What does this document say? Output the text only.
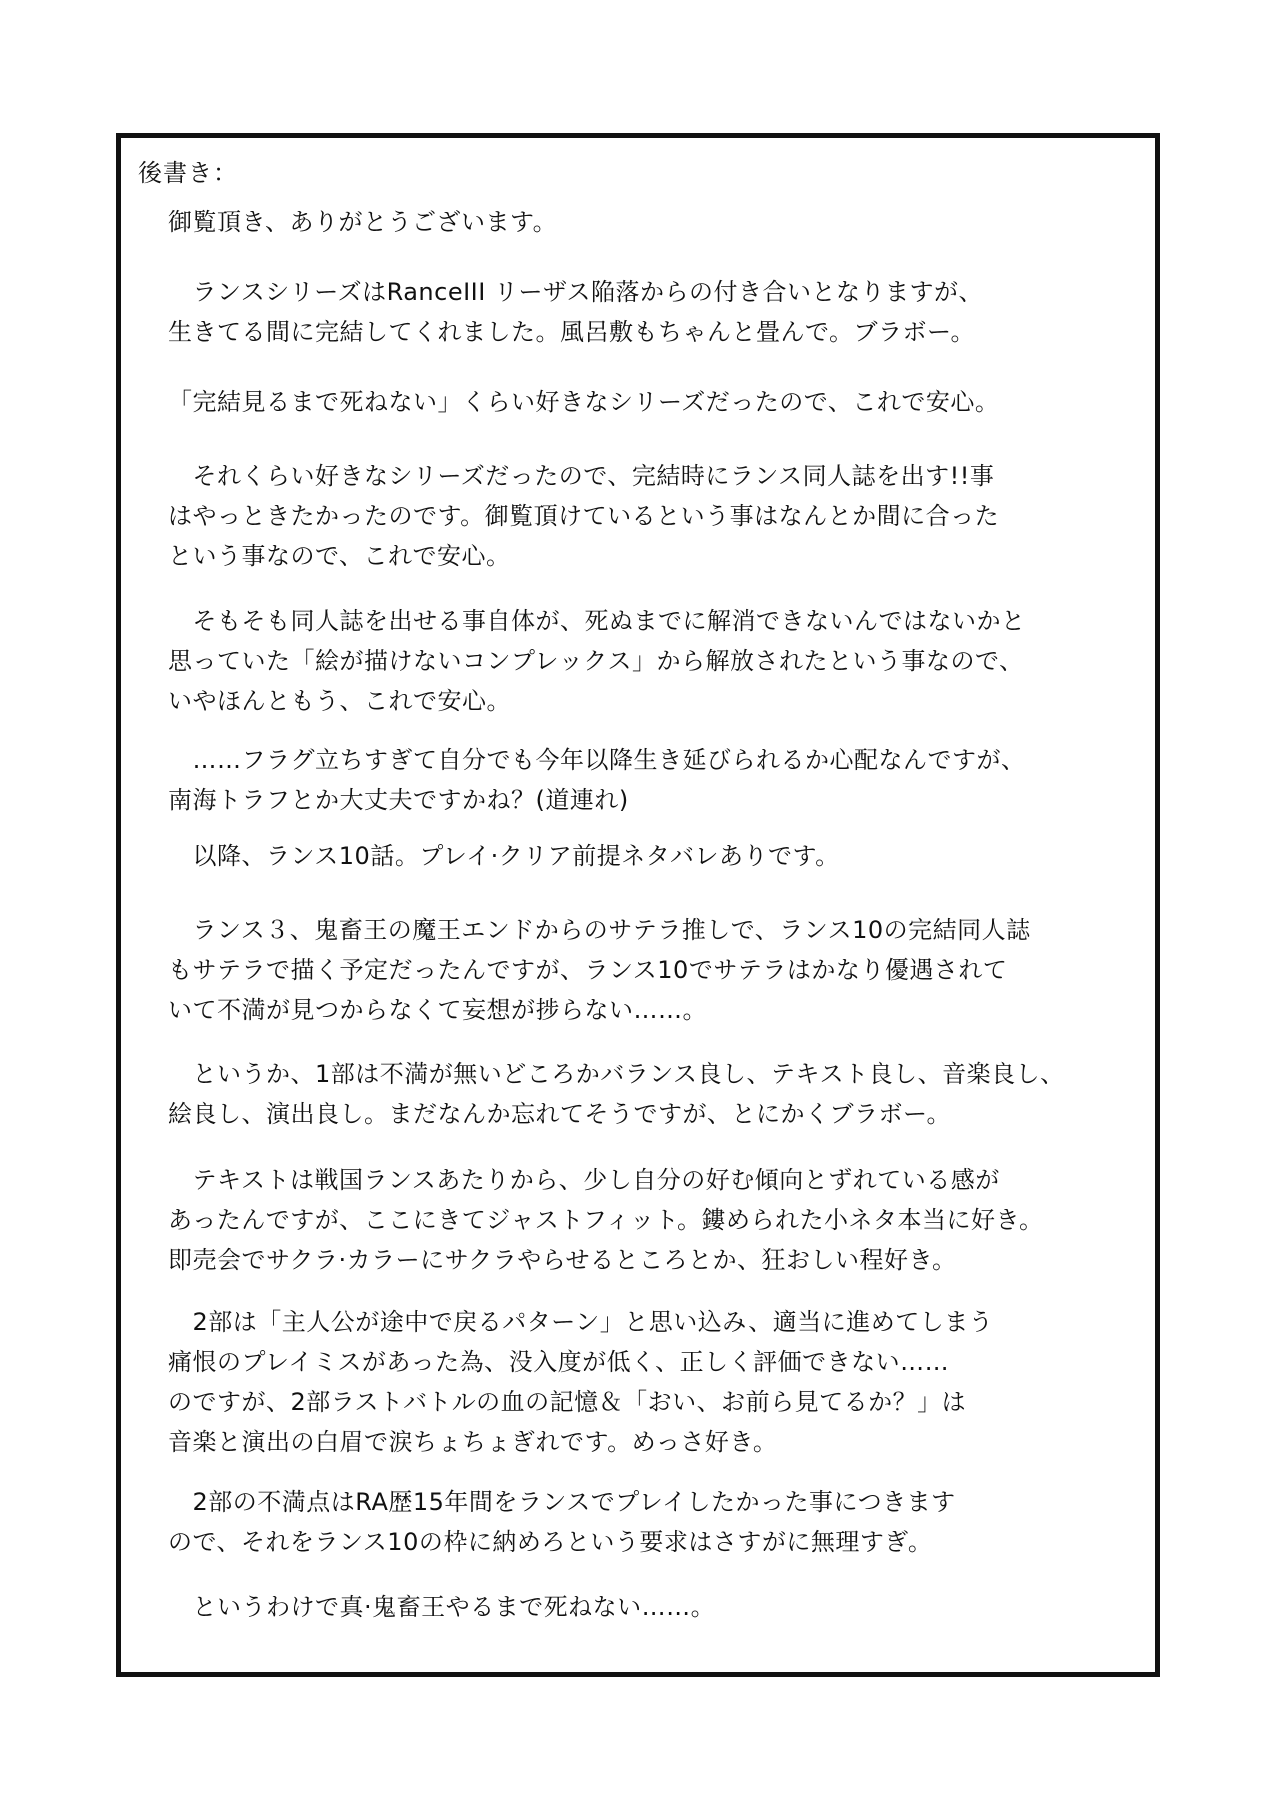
後書き：

御覧頂き、ありがとうございます。

　ランスシリーズはRanceIII リーザス陥落からの付き合いとなりますが、
生きてる間に完結してくれました。風呂敷もちゃんと畳んで。ブラボー。

「完結見るまで死ねない」くらい好きなシリーズだったので、これで安心。

　それくらい好きなシリーズだったので、完結時にランス同人誌を出す!!事
はやっときたかったのです。御覧頂けているという事はなんとか間に合った
という事なので、これで安心。

　そもそも同人誌を出せる事自体が、死ぬまでに解消できないんではないかと
思っていた「絵が描けないコンプレックス」から解放されたという事なので、
いやほんともう、これで安心。

　……フラグ立ちすぎて自分でも今年以降生き延びられるか心配なんですが、
南海トラフとか大丈夫ですかね？(道連れ)

　以降、ランス10話。プレイ·クリア前提ネタバレありです。

　ランス３、鬼畜王の魔王エンドからのサテラ推しで、ランス10の完結同人誌
もサテラで描く予定だったんですが、ランス10でサテラはかなり優遇されて
いて不満が見つからなくて妄想が捗らない……。

　というか、1部は不満が無いどころかバランス良し、テキスト良し、音楽良し、
絵良し、演出良し。まだなんか忘れてそうですが、とにかくブラボー。

　テキストは戦国ランスあたりから、少し自分の好む傾向とずれている感が
あったんですが、ここにきてジャストフィット。鏤められた小ネタ本当に好き。
即売会でサクラ·カラーにサクラやらせるところとか、狂おしい程好き。

　2部は「主人公が途中で戻るパターン」と思い込み、適当に進めてしまう
痛恨のプレイミスがあった為、没入度が低く、正しく評価できない……
のですが、2部ラストバトルの血の記憶＆「おい、お前ら見てるか？」は
音楽と演出の白眉で涙ちょちょぎれです。めっさ好き。

　2部の不満点はRA歴15年間をランスでプレイしたかった事につきます
ので、それをランス10の枠に納めろという要求はさすがに無理すぎ。

　というわけで真·鬼畜王やるまで死ねない……。
